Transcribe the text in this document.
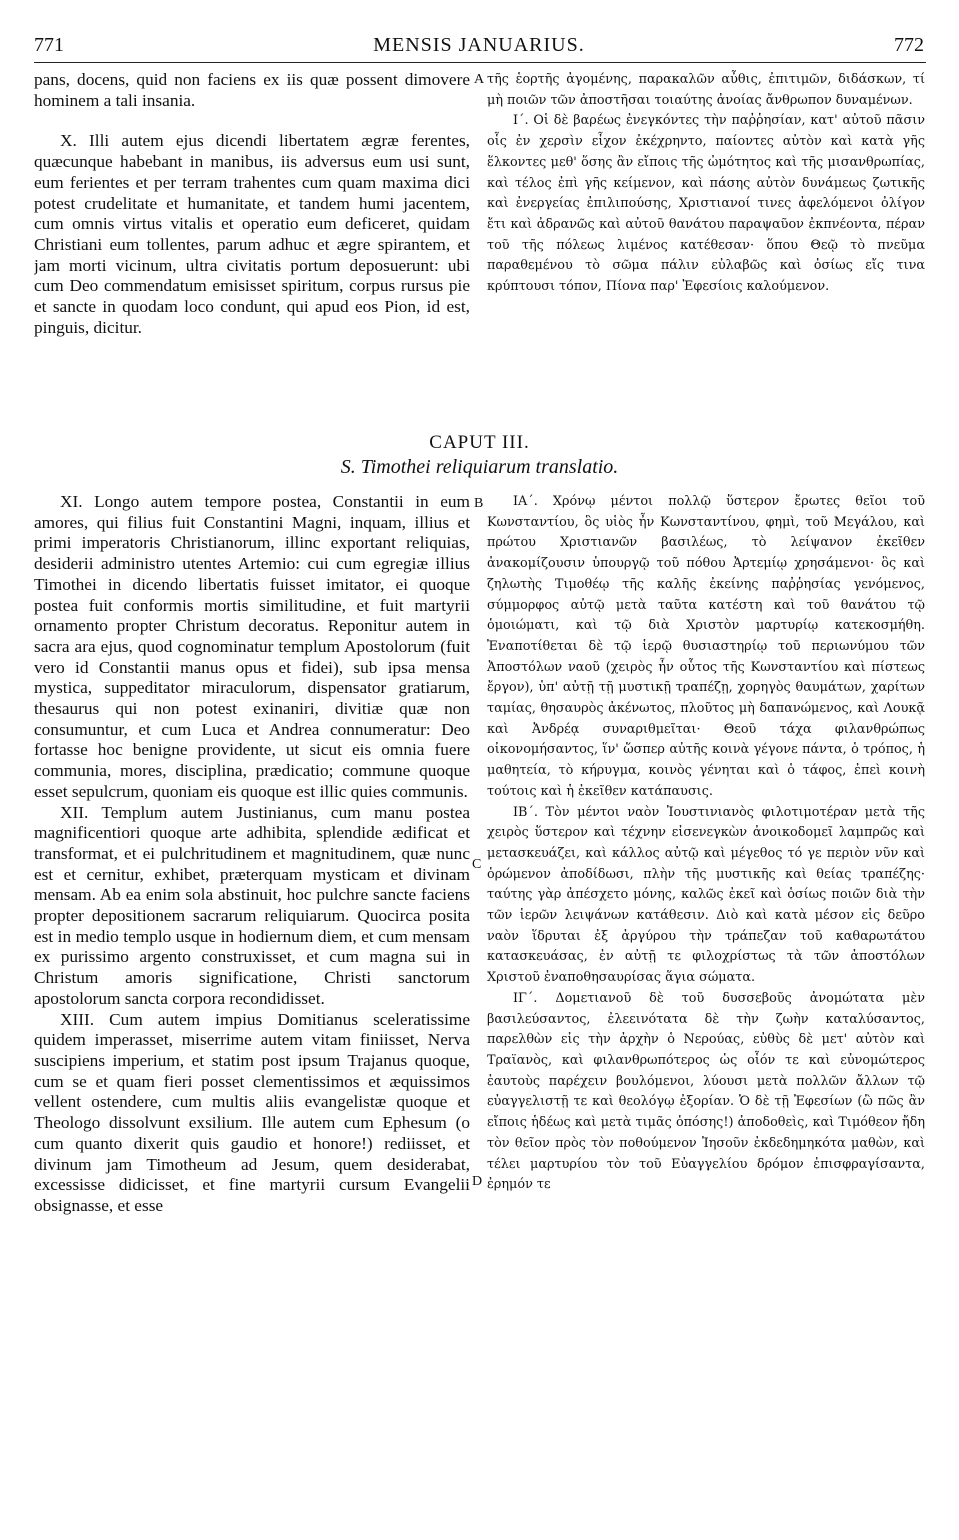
771	MENSIS JANUARIUS.	772

pans, docens, quid non faciens ex iis quæ possent dimovere hominem a tali insania.

X. Illi autem ejus dicendi libertatem ægræ ferentes, quæcunque habebant in manibus, iis adversus eum usi sunt, eum ferientes et per terram trahentes cum quam maxima dici potest crudelitate et humanitate, et tandem humi jacentem, cum omnis virtus vitalis et operatio eum deficeret, quidam Christiani eum tollentes, parum adhuc et ægre spirantem, et jam morti vicinum, ultra civitatis portum deposuerunt: ubi cum Deo commendatum emisisset spiritum, corpus rursus pie et sancte in quodam loco condunt, qui apud eos Pion, id est, pinguis, dicitur.

A τῆς ἑορτῆς ἀγομένης, παρακαλῶν αὖθις, ἐπιτιμῶν, διδάσκων, τί μὴ ποιῶν τῶν ἀποστῆσαι τοιαύτης ἀνοίας ἄνθρωπον δυναμένων.

Ι΄. Οἱ δὲ βαρέως ἐνεγκόντες τὴν παῤῥησίαν, κατ' αὐτοῦ πᾶσιν οἷς ἐν χερσὶν εἶχον ἐκέχρηντο, παίοντες αὐτὸν καὶ κατὰ γῆς ἕλκοντες μεθ' ὅσης ἂν εἴποις τῆς ὠμότητος καὶ τῆς μισανθρωπίας, καὶ τέλος ἐπὶ γῆς κείμενον, καὶ πάσης αὐτὸν δυνάμεως ζωτικῆς καὶ ἐνεργείας ἐπιλιπούσης, Χριστιανοί τινες ἀφελόμενοι ὀλίγον ἔτι καὶ ἀδρανῶς καὶ αὐτοῦ θανάτου παραψαῦον ἐκπνέοντα, πέραν τοῦ τῆς πόλεως λιμένος κατέθεσαν· ὅπου Θεῷ τὸ πνεῦμα παραθεμένου τὸ σῶμα πάλιν εὐλαβῶς καὶ ὁσίως εἴς τινα κρύπτουσι τόπον, Πίονα παρ' Ἐφεσίοις καλούμενον.

CAPUT III.
S. Timothei reliquiarum translatio.

XI. Longo autem tempore postea, Constantii in eum amores, qui filius fuit Constantini Magni, inquam, illius et primi imperatoris Christianorum, illinc exportant reliquias, desiderii administro utentes Artemio: cui cum egregiæ illius Timothei in dicendo libertatis fuisset imitator, ei quoque postea fuit conformis mortis similitudine, et fuit martyrii ornamento propter Christum decoratus. Reponitur autem in sacra ara ejus, quod cognominatur templum Apostolorum (fuit vero id Constantii manus opus et fidei), sub ipsa mensa mystica, suppeditator miraculorum, dispensator gratiarum, thesaurus qui non potest exinaniri, divitiæ quæ non consumuntur, et cum Luca et Andrea connumeratur: Deo fortasse hoc benigne providente, ut sicut eis omnia fuere communia, mores, disciplina, prædicatio; commune quoque esset sepulcrum, quoniam eis quoque est illic quies communis.

XII. Templum autem Justinianus, cum manu postea magnificentiori quoque arte adhibita, splendide ædificat et transformat, et ei pulchritudinem et magnitudinem, quæ nunc est et cernitur, exhibet, præterquam mysticam et divinam mensam. Ab ea enim sola abstinuit, hoc pulchre sancte faciens propter depositionem sacrarum reliquiarum. Quocirca posita est in medio templo usque in hodiernum diem, et cum mensam ex purissimo argento construxisset, et cum magna sui in Christum amoris significatione, Christi sanctorum apostolorum sancta corpora recondidisset.

XIII. Cum autem impius Domitianus sceleratissime quidem imperasset, miserrime autem vitam finiisset, Nerva suscipiens imperium, et statim post ipsum Trajanus quoque, cum se et quam fieri posset clementissimos et æquissimos vellent ostendere, cum multis aliis evangelistæ quoque et Theologo dissolvunt exsilium. Ille autem cum Ephesum (o cum quanto dixerit quis gaudio et honore!) rediisset, et divinum jam Timotheum ad Jesum, quem desiderabat, excessisse didicisset, et fine martyrii cursum Evangelii obsignasse, et esse

B
C
D

ΙΑ΄. Χρόνῳ μέντοι πολλῷ ὕστερον ἔρωτες θεῖοι τοῦ Κωνσταντίου, ὃς υἱὸς ἦν Κωνσταντίνου, φημὶ, τοῦ Μεγάλου, καὶ πρώτου Χριστιανῶν βασιλέως, τὸ λείψανον ἐκεῖθεν ἀνακομίζουσιν ὑπουργῷ τοῦ πόθου Ἀρτεμίῳ χρησάμενοι· ὃς καὶ ζηλωτὴς Τιμοθέῳ τῆς καλῆς ἐκείνης παῤῥησίας γενόμενος, σύμμορφος αὐτῷ μετὰ ταῦτα κατέστη καὶ τοῦ θανάτου τῷ ὁμοιώματι, καὶ τῷ διὰ Χριστὸν μαρτυρίῳ κατεκοσμήθη. Ἐναποτίθεται δὲ τῷ ἱερῷ θυσιαστηρίῳ τοῦ περιωνύμου τῶν Ἀποστόλων ναοῦ (χειρὸς ἦν οὗτος τῆς Κωνσταντίου καὶ πίστεως ἔργον), ὑπ' αὐτῇ τῇ μυστικῇ τραπέζῃ, χορηγὸς θαυμάτων, χαρίτων ταμίας, θησαυρὸς ἀκένωτος, πλοῦτος μὴ δαπανώμενος, καὶ Λουκᾷ καὶ Ἀνδρέᾳ συναριθμεῖται· Θεοῦ τάχα φιλανθρώπως οἰκονομήσαντος, ἵν' ὥσπερ αὐτῆς κοινὰ γέγονε πάντα, ὁ τρόπος, ἡ μαθητεία, τὸ κήρυγμα, κοινὸς γένηται καὶ ὁ τάφος, ἐπεὶ κοινὴ τούτοις καὶ ἡ ἐκεῖθεν κατάπαυσις.

ΙΒ΄. Τὸν μέντοι ναὸν Ἰουστινιανὸς φιλοτιμοτέραν μετὰ τῆς χειρὸς ὕστερον καὶ τέχνην εἰσενεγκὼν ἀνοικοδομεῖ λαμπρῶς καὶ μετασκευάζει, καὶ κάλλος αὐτῷ καὶ μέγεθος τό γε περιὸν νῦν καὶ ὁρώμενον ἀποδίδωσι, πλὴν τῆς μυστικῆς καὶ θείας τραπέζης· ταύτης γὰρ ἀπέσχετο μόνης, καλῶς ἐκεῖ καὶ ὁσίως ποιῶν διὰ τὴν τῶν ἱερῶν λειψάνων κατάθεσιν. Διὸ καὶ κατὰ μέσον εἰς δεῦρο ναὸν ἵδρυται ἐξ ἀργύρου τὴν τράπεζαν τοῦ καθαρωτάτου κατασκευάσας, ἐν αὐτῇ τε φιλοχρίστως τὰ τῶν ἀποστόλων Χριστοῦ ἐναποθησαυρίσας ἅγια σώματα.

ΙΓ΄. Δομετιανοῦ δὲ τοῦ δυσσεβοῦς ἀνομώτατα μὲν βασιλεύσαντος, ἐλεεινότατα δὲ τὴν ζωὴν καταλύσαντος, παρελθὼν εἰς τὴν ἀρχὴν ὁ Νερούας, εὐθὺς δὲ μετ' αὐτὸν καὶ Τραϊανὸς, καὶ φιλανθρωπότερος ὡς οἷόν τε καὶ εὐνομώτερος ἑαυτοὺς παρέχειν βουλόμενοι, λύουσι μετὰ πολλῶν ἄλλων τῷ εὐαγγελιστῇ τε καὶ θεολόγῳ ἐξορίαν. Ὁ δὲ τῇ Ἐφεσίων (ὢ πῶς ἂν εἴποις ἡδέως καὶ μετὰ τιμᾶς ὁπόσης!) ἀποδοθεὶς, καὶ Τιμόθεον ἤδη τὸν θεῖον πρὸς τὸν ποθούμενον Ἰησοῦν ἐκδεδημηκότα μαθὼν, καὶ τέλει μαρτυρίου τὸν τοῦ Εὐαγγελίου δρόμον ἐπισφραγίσαντα, ἐρημόν τε
